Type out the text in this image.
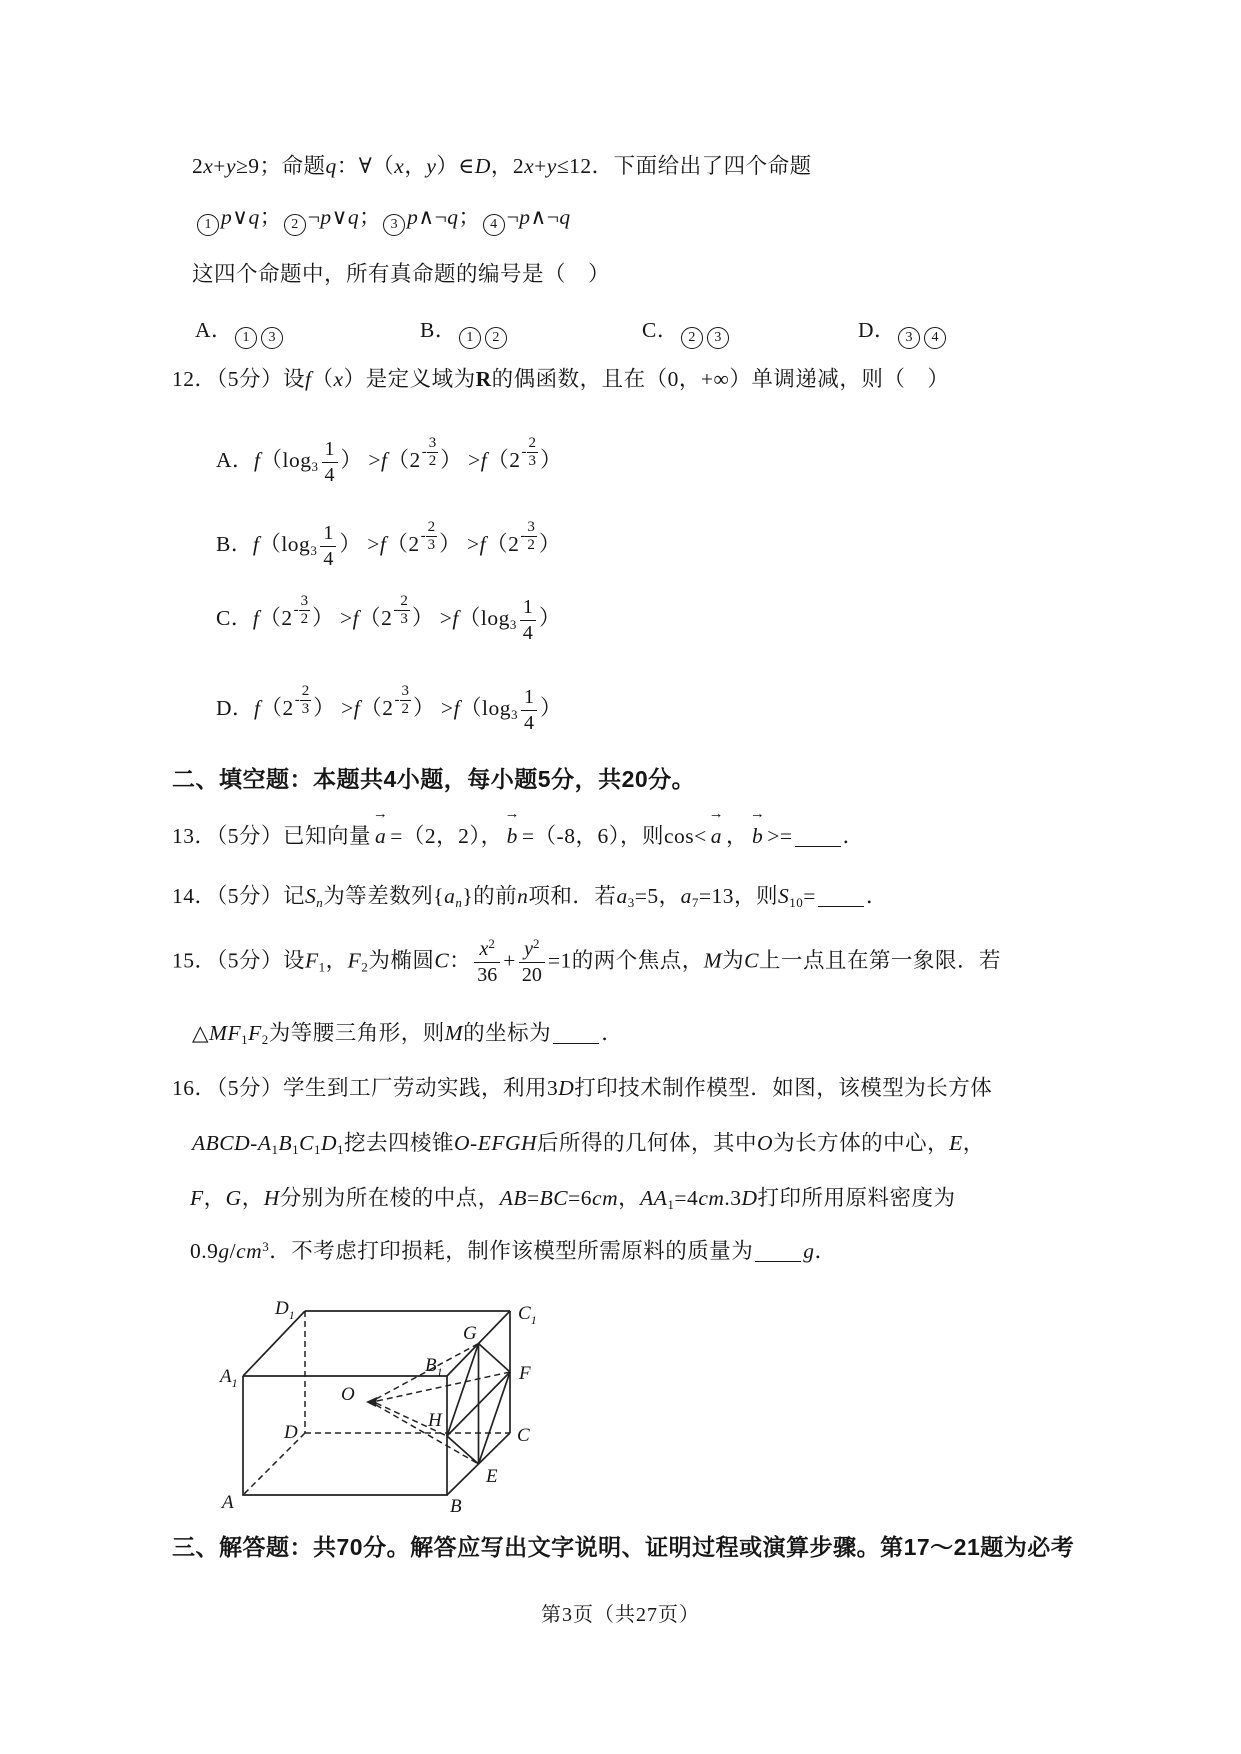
2x+y≥9；命题q：∀（x，y）∈D，2x+y≤12．下面给出了四个命题
1 p∨q； 2 ¬p∨q； 3 p∧¬q； 4 ¬p∧¬q
这四个命题中，所有真命题的编号是（　）
A． 1 3	B． 1 2	C． 2 3	D． 3 4
12．（5分）设f（x）是定义域为R的偶函数，且在（0，+∞）单调递减，则（　）
A．$f(\log_3 \frac{1}{4}$ ） $>f(2- \frac{3}{2}$ ） $>f(2- \frac{2}{3}$ ）
B．$f(\log_3 \frac{1}{4}$ ） $>f(2- \frac{2}{3}$ ） $>f(2- \frac{3}{2}$ ）
C．$f(2- \frac{3}{2}$ ） $>f(2- \frac{2}{3}$ ） $>f(\log_3 \frac{1}{4}$ ）
D．$f(2- \frac{2}{3}$ ） $>f(2- \frac{3}{2}$ ） $>f(\log_3 \frac{1}{4}$ ）
二、填空题：本题共4小题，每小题5分，共20分。
13．（5分）已知向量 a
→
=（2，2）， b
→
=（-8，6），则cos< a
→
， b
→
>= ．
14．（5分）记$S_n$为等差数列$\{a_n\}$的前n项和．若$a_3=5$，$a_7=13$，则$S_{10}=$ ．
15．（5分）设$F_1$，$F_2$为椭圆C： $\frac{x^2}{36} + \frac{y^2}{20} =1$的两个焦点，M为C上一点且在第一象限．若
$\triangle MF_1F_2$为等腰三角形，则M的坐标为 ．
16．（5分）学生到工厂劳动实践，利用3D打印技术制作模型．如图，该模型为长方体
ABCD-$A_1B_1C_1D_1$挖去四棱锥O-EFGH后所得的几何体，其中O为长方体的中心，E，
F，G，H分别为所在棱的中点，AB=BC=6cm，$AA_1=4cm.3D$打印所用原料密度为
$0.9g/cm^3$．不考虑打印损耗，制作该模型所需原料的质量为 g．
$D_1$	$C_1$
$A_1$
$B_1$
G
F
O
D
H
C
E
A	B
三、解答题：共70分。解答应写出文字说明、证明过程或演算步骤。第17～21题为必考
第3页（共27页）
